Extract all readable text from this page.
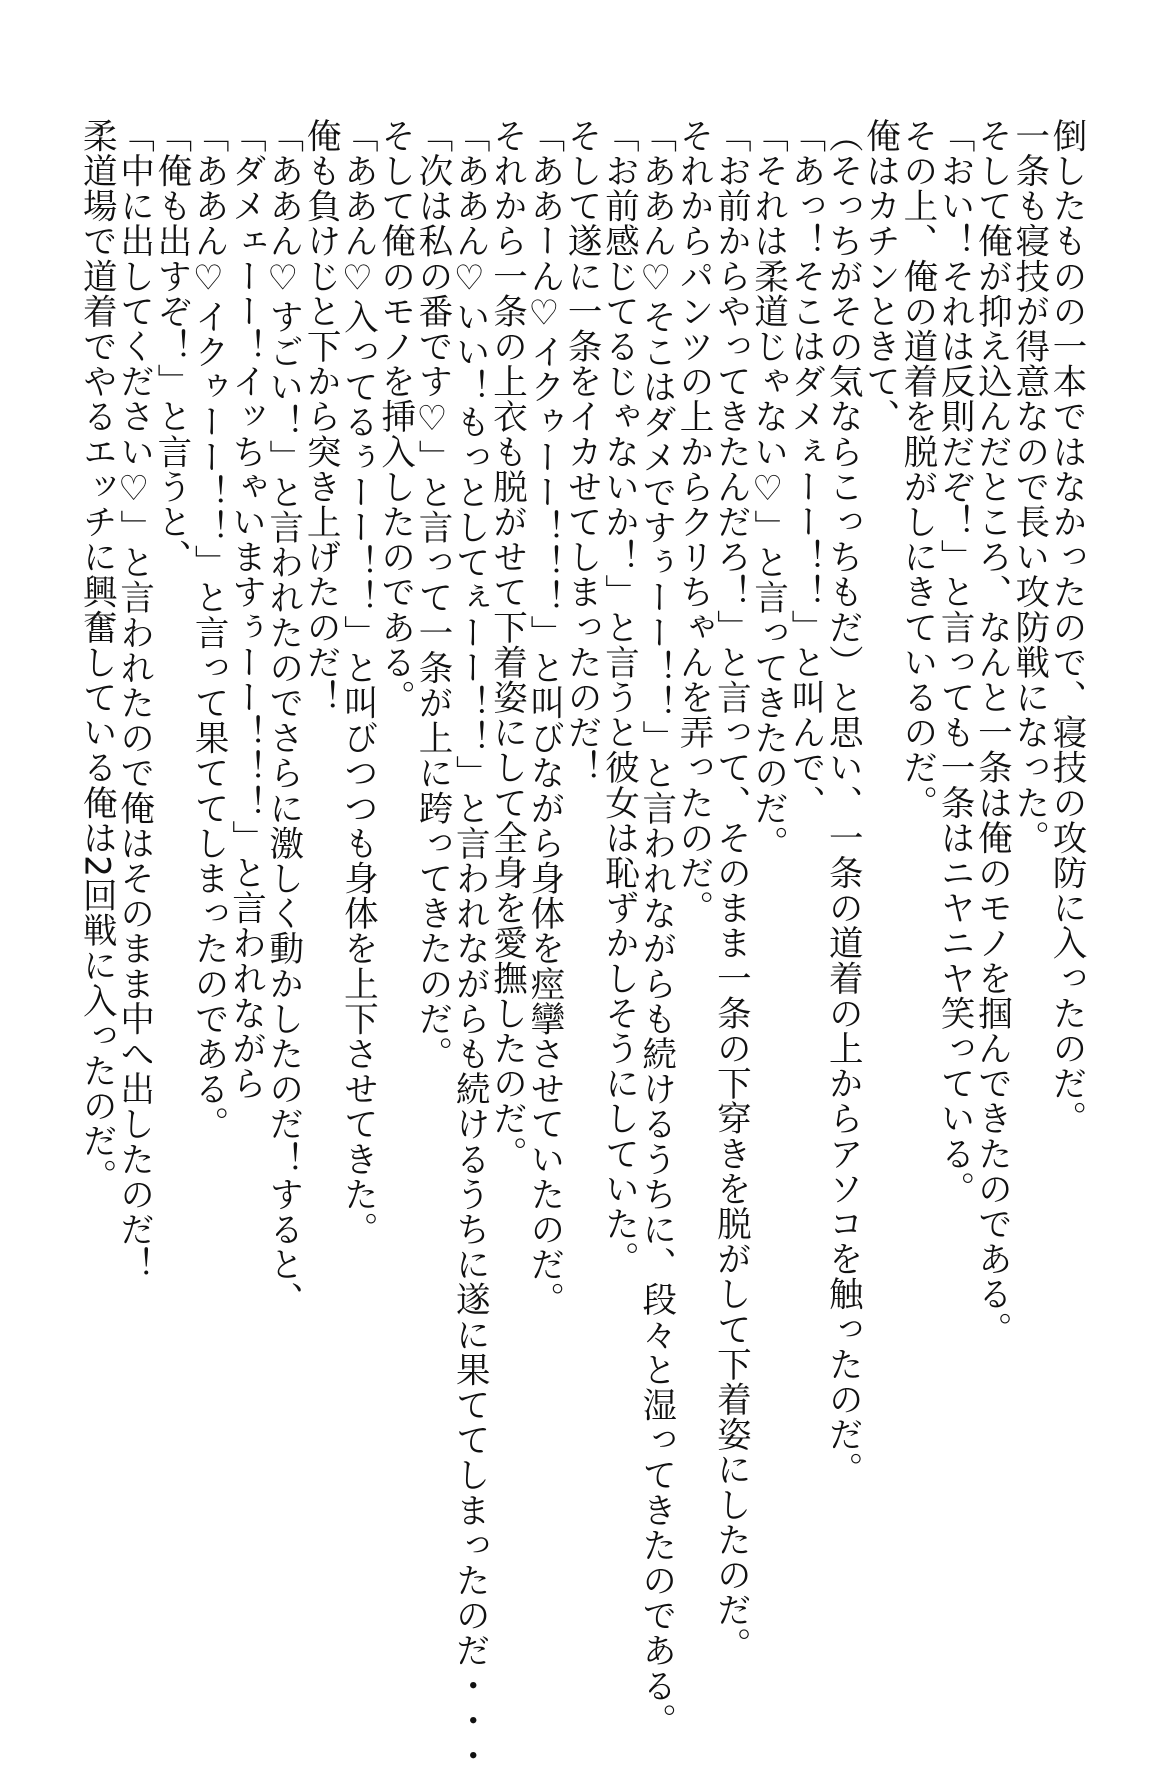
倒したものの一本ではなかったので、寝技の攻防に入ったのだ。
一条も寝技が得意なので長い攻防戦になった。
そして俺が抑え込んだところ、なんと一条は俺のモノを掴んできたのである。
「おい！それは反則だぞ！」と言っても一条はニヤニヤ笑っている。
その上、俺の道着を脱がしにきているのだ。
俺はカチンときて、
（そっちがその気ならこっちもだ）と思い、一条の道着の上からアソコを触ったのだ。
「あっ！そこはダメぇーー！！」と叫んで、
「それは柔道じゃない♡」と言ってきたのだ。
「お前からやってきたんだろ！」と言って、そのまま一条の下穿きを脱がして下着姿にしたのだ。
それからパンツの上からクリちゃんを弄ったのだ。
「ああん♡そこはダメですぅーー！！」と言われながらも続けるうちに、段々と湿ってきたのである。
「お前感じてるじゃないか！」と言うと彼女は恥ずかしそうにしていた。
そして遂に一条をイカせてしまったのだ！
「ああーん♡イクゥーー！！！」と叫びながら身体を痙攣させていたのだ。
それから一条の上衣も脱がせて下着姿にして全身を愛撫したのだ。
「ああん♡いい！もっとしてぇーー！！」と言われながらも続けるうちに遂に果ててしまったのだ・・・
「次は私の番です♡」と言って一条が上に跨ってきたのだ。
そして俺のモノを挿入したのである。
「ああん♡入ってるぅーー！！」と叫びつつも身体を上下させてきた。
俺も負けじと下から突き上げたのだ！
「ああん♡すごい！」と言われたのでさらに激しく動かしたのだ！すると、
「ダメェーー！イッちゃいますぅーー！！！」と言われながら
「ああん♡イクゥーー！！」と言って果ててしまったのである。
「俺も出すぞ！」と言うと、
「中に出してください♡」と言われたので俺はそのまま中へ出したのだ！
柔道場で道着でやるエッチに興奮している俺は2回戦に入ったのだ。
